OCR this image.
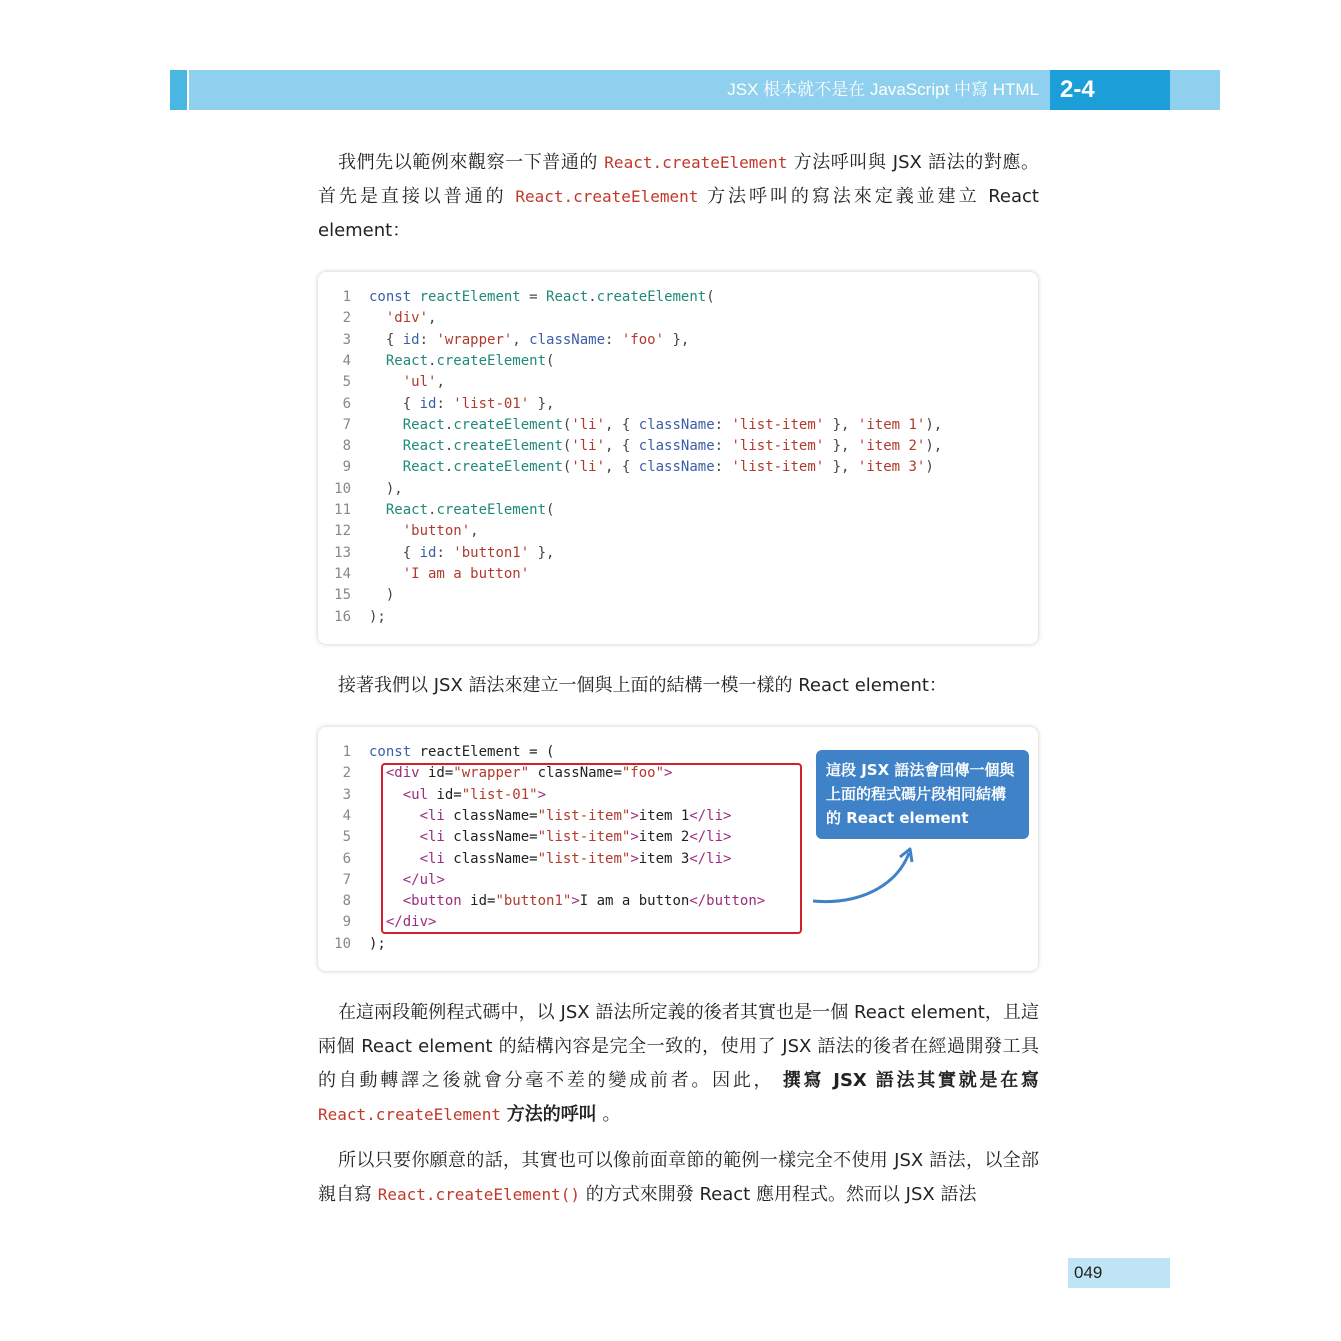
JSX 根本就不是在 JavaScript 中寫 HTML 2-4

我們先以範例來觀察一下普通的 React.createElement 方法呼叫與 JSX 語法的對應。首先是直接以普通的 React.createElement 方法呼叫的寫法來定義並建立 React element：

1 const reactElement = React.createElement(
2 'div',
3  { id: 'wrapper', className: 'foo' },
4 React.createElement(
5	'ul',
6    { id: 'list-01' },
7	React.createElement('li', { className: 'list-item' }, 'item 1'),
8	React.createElement('li', { className: 'list-item' }, 'item 2'),
9	React.createElement('li', { className: 'list-item' }, 'item 3')
10  ),
11 React.createElement(
12	'button',
13    { id: 'button1' },
14	'I am a button'
15  )
16 );

接著我們以 JSX 語法來建立一個與上面的結構一模一樣的 React element：

1 const reactElement = (
2 <div id="wrapper" className="foo">
3	<ul id="list-01">
4	<li className="list-item">item 1</li>
5	<li className="list-item">item 2</li>
6	<li className="list-item">item 3</li>
7	</ul>
8	<button id="button1">I am a button</button>
9 </div>
10 );
這段 JSX 語法會回傳一個與上面的程式碼片段相同結構的 React element

在這兩段範例程式碼中，以 JSX 語法所定義的後者其實也是一個 React element，且這兩個 React element 的結構內容是完全一致的，使用了 JSX 語法的後者在經過開發工具的自動轉譯之後就會分毫不差的變成前者。因此， 撰寫 JSX 語法其實就是在寫 React.createElement 方法的呼叫 。

所以只要你願意的話，其實也可以像前面章節的範例一樣完全不使用 JSX 語法，以全部親自寫 React.createElement() 的方式來開發 React 應用程式。然而以 JSX 語法

049
